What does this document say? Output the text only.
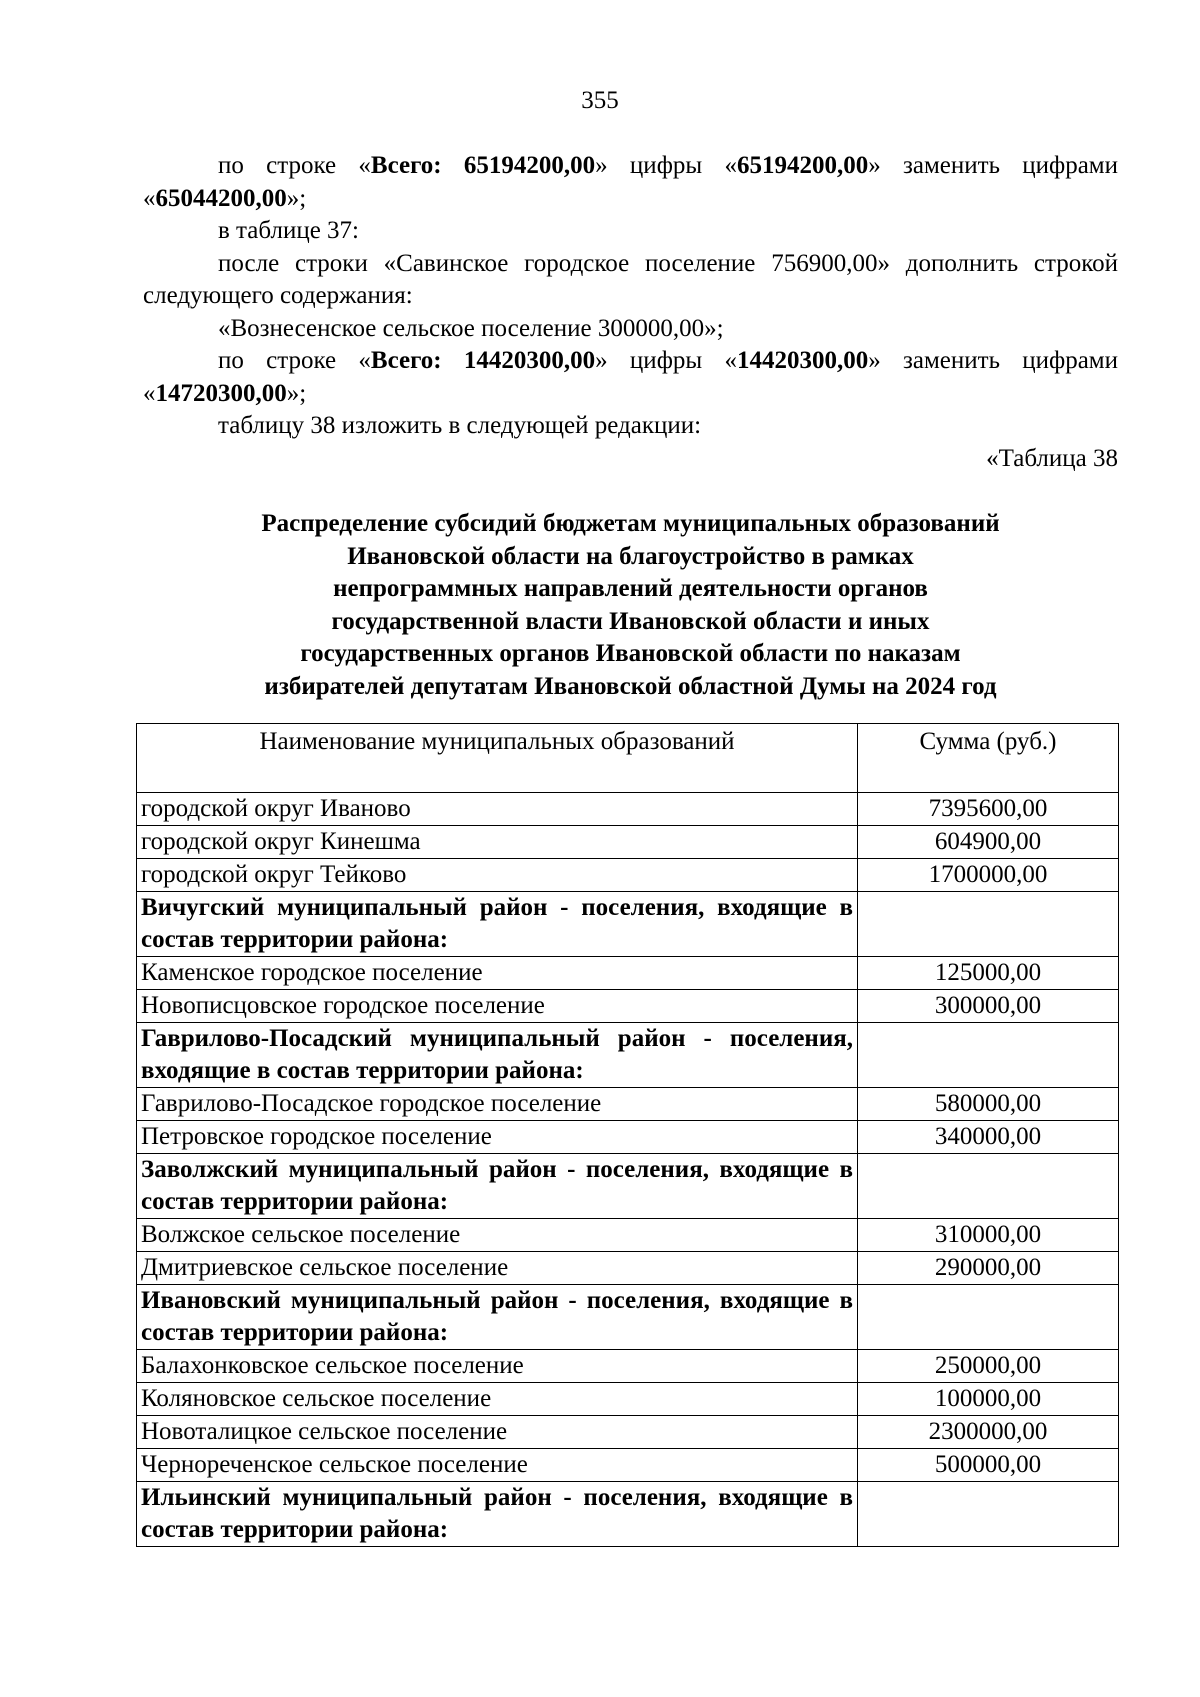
355

по строке «Всего: 65194200,00» цифры «65194200,00» заменить цифрами «65044200,00»;

в таблице 37:

после строки «Савинское городское поселение 756900,00» дополнить строкой следующего содержания:

«Вознесенское сельское поселение 300000,00»;

по строке «Всего: 14420300,00» цифры «14420300,00» заменить цифрами «14720300,00»;

таблицу 38 изложить в следующей редакции:

«Таблица 38

Распределение субсидий бюджетам муниципальных образований
Ивановской области на благоустройство в рамках
непрограммных направлений деятельности органов
государственной власти Ивановской области и иных
государственных органов Ивановской области по наказам
избирателей депутатам Ивановской областной Думы на 2024 год
Наименование муниципальных образований	Сумма (руб.)
городской округ Иваново	7395600,00
городской округ Кинешма	604900,00
городской округ Тейково	1700000,00
Вичугский муниципальный район - поселения, входящие в состав территории района:	
Каменское городское поселение	125000,00
Новописцовское городское поселение	300000,00
Гаврилово-Посадский муниципальный район - поселения, входящие в состав территории района:	
Гаврилово-Посадское городское поселение	580000,00
Петровское городское поселение	340000,00
Заволжский муниципальный район - поселения, входящие в состав территории района:	
Волжское сельское поселение	310000,00
Дмитриевское сельское поселение	290000,00
Ивановский муниципальный район - поселения, входящие в состав территории района:	
Балахонковское сельское поселение	250000,00
Коляновское сельское поселение	100000,00
Новоталицкое сельское поселение	2300000,00
Чернореченское сельское поселение	500000,00
Ильинский муниципальный район - поселения, входящие в состав территории района:	
